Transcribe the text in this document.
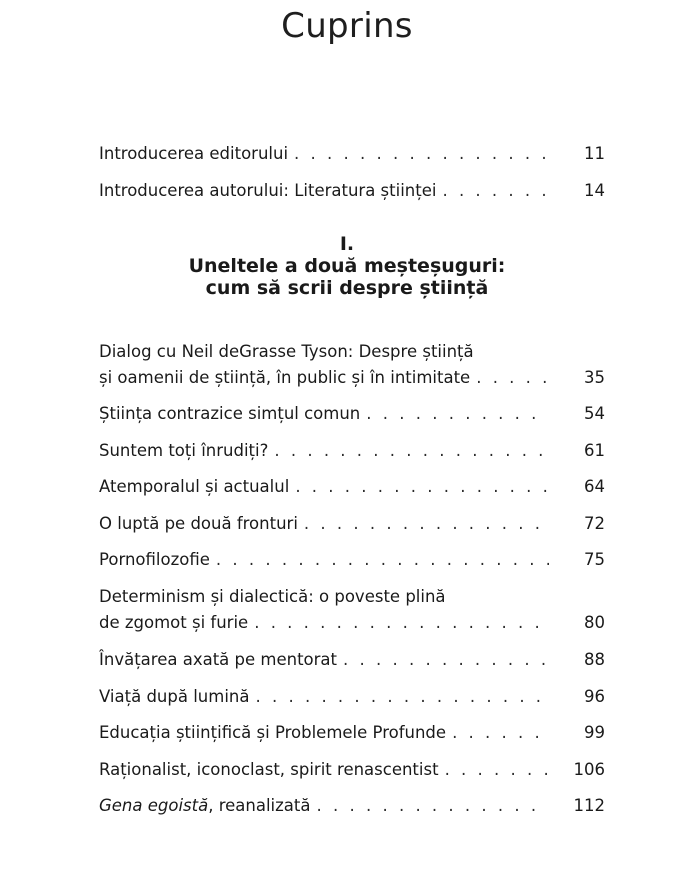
Cuprins
Introducerea editorului . . .	11
Introducerea autorului: Literatura științei . . .	14
Dialog cu Neil deGrasse Tyson: Despre știință
și oamenii de știință, în public și în intimitate . . .	35
Știința contrazice simțul comun . . .	54
Suntem toți înrudiți? . . .	61
Atemporalul și actualul . . .	64
O luptă pe două fronturi . . .	72
Pornofilozofie . . .	75
Determinism și dialectică: o poveste plină
de zgomot și furie . . .	80
Învățarea axată pe mentorat . . .	88
Viață după lumină . . .	96
Educația științifică și Problemele Profunde . . .	99
Raționalist, iconoclast, spirit renascentist . . .	106
Gena egoistă, reanalizată . . .	112
I.
Uneltele a două meșteșuguri:
cum să scrii despre știință
